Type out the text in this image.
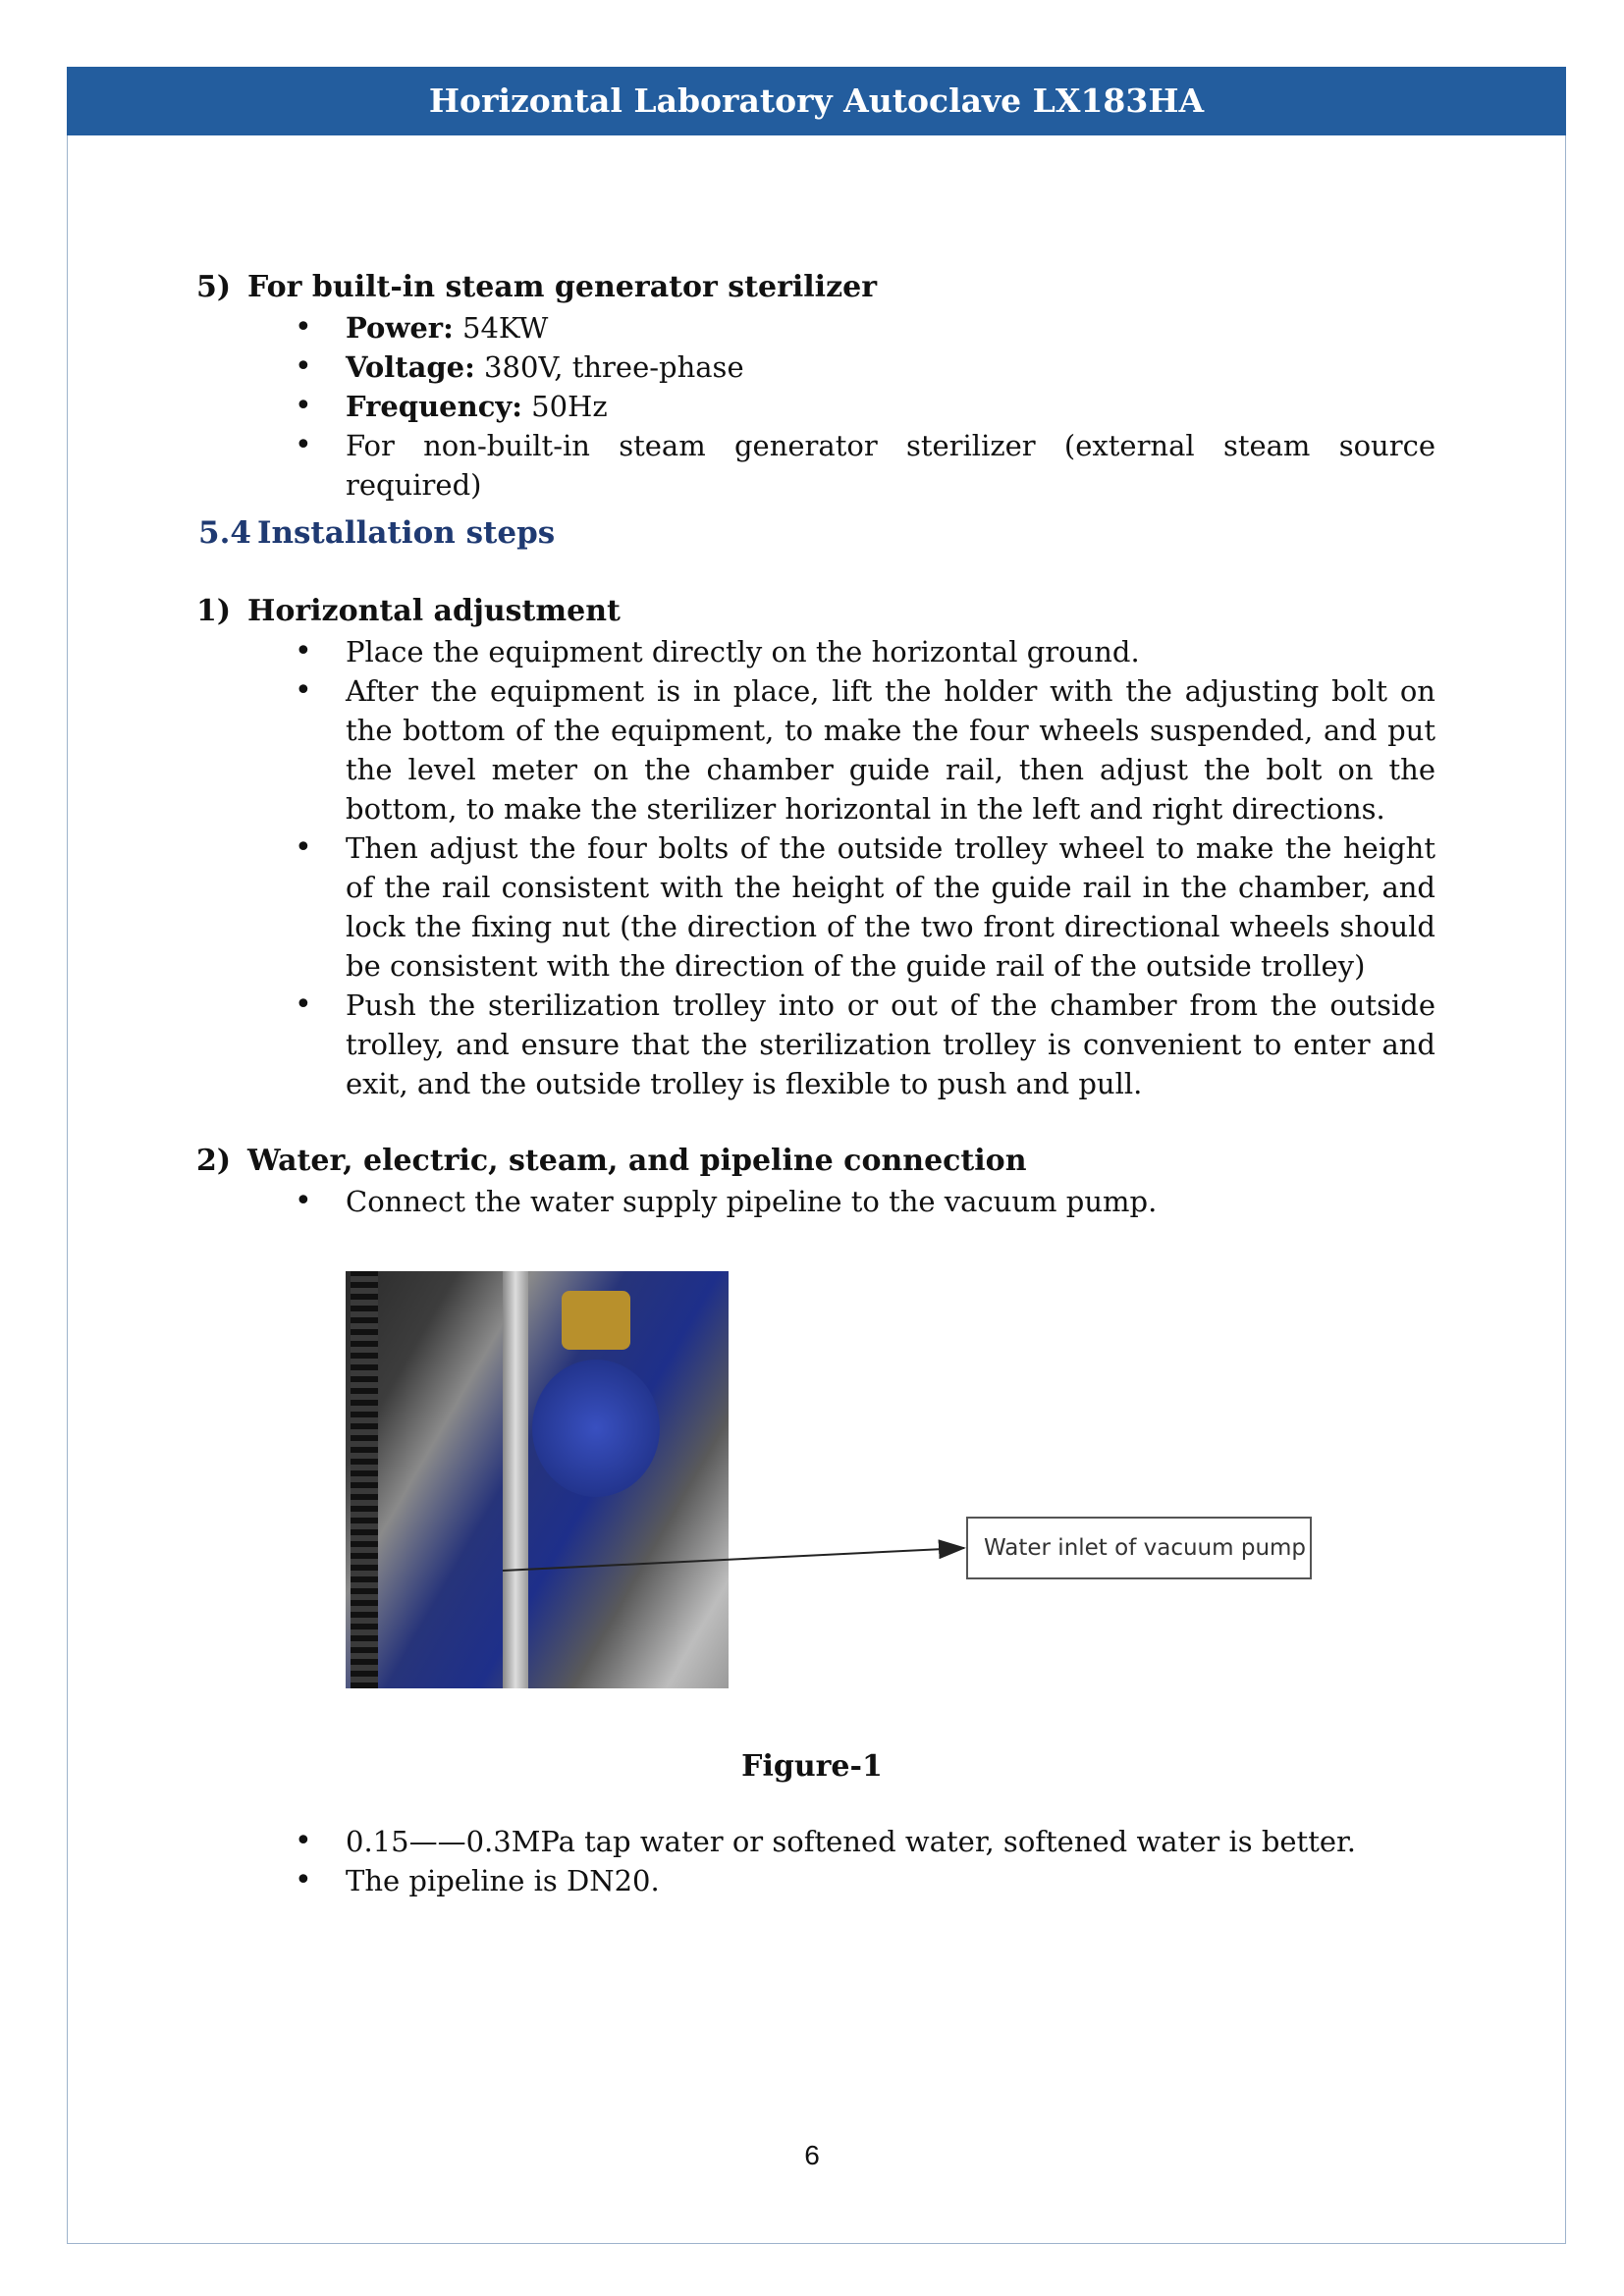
Horizontal Laboratory Autoclave LX183HA

5) For built-in steam generator sterilizer

• Power: 54KW
• Voltage: 380V, three-phase
• Frequency: 50Hz
• For non-built-in steam generator sterilizer (external steam source required)
5.4 Installation steps

1) Horizontal adjustment

• Place the equipment directly on the horizontal ground.
• After the equipment is in place, lift the holder with the adjusting bolt on the bottom of the equipment, to make the four wheels suspended, and put the level meter on the chamber guide rail, then adjust the bolt on the bottom, to make the sterilizer horizontal in the left and right directions.
• Then adjust the four bolts of the outside trolley wheel to make the height of the rail consistent with the height of the guide rail in the chamber, and lock the fixing nut (the direction of the two front directional wheels should be consistent with the direction of the guide rail of the outside trolley)
• Push the sterilization trolley into or out of the chamber from the outside trolley, and ensure that the sterilization trolley is convenient to enter and exit, and the outside trolley is flexible to push and pull.

2) Water, electric, steam, and pipeline connection

• Connect the water supply pipeline to the vacuum pump.
Water inlet of vacuum pump
Figure-1
• 0.15——0.3MPa tap water or softened water, softened water is better.
• The pipeline is DN20.
6
